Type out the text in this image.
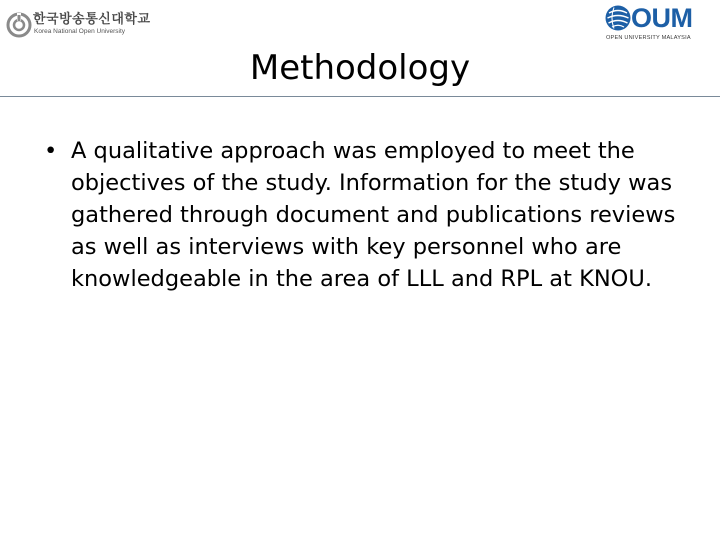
한국방송통신대학교
Korea National Open University	OUM
OPEN UNIVERSITY MALAYSIA
Methodology
• A qualitative approach was employed to meet the objectives of the study. Information for the study was gathered through document and publications reviews as well as interviews with key personnel who are knowledgeable in the area of LLL and RPL at KNOU.
